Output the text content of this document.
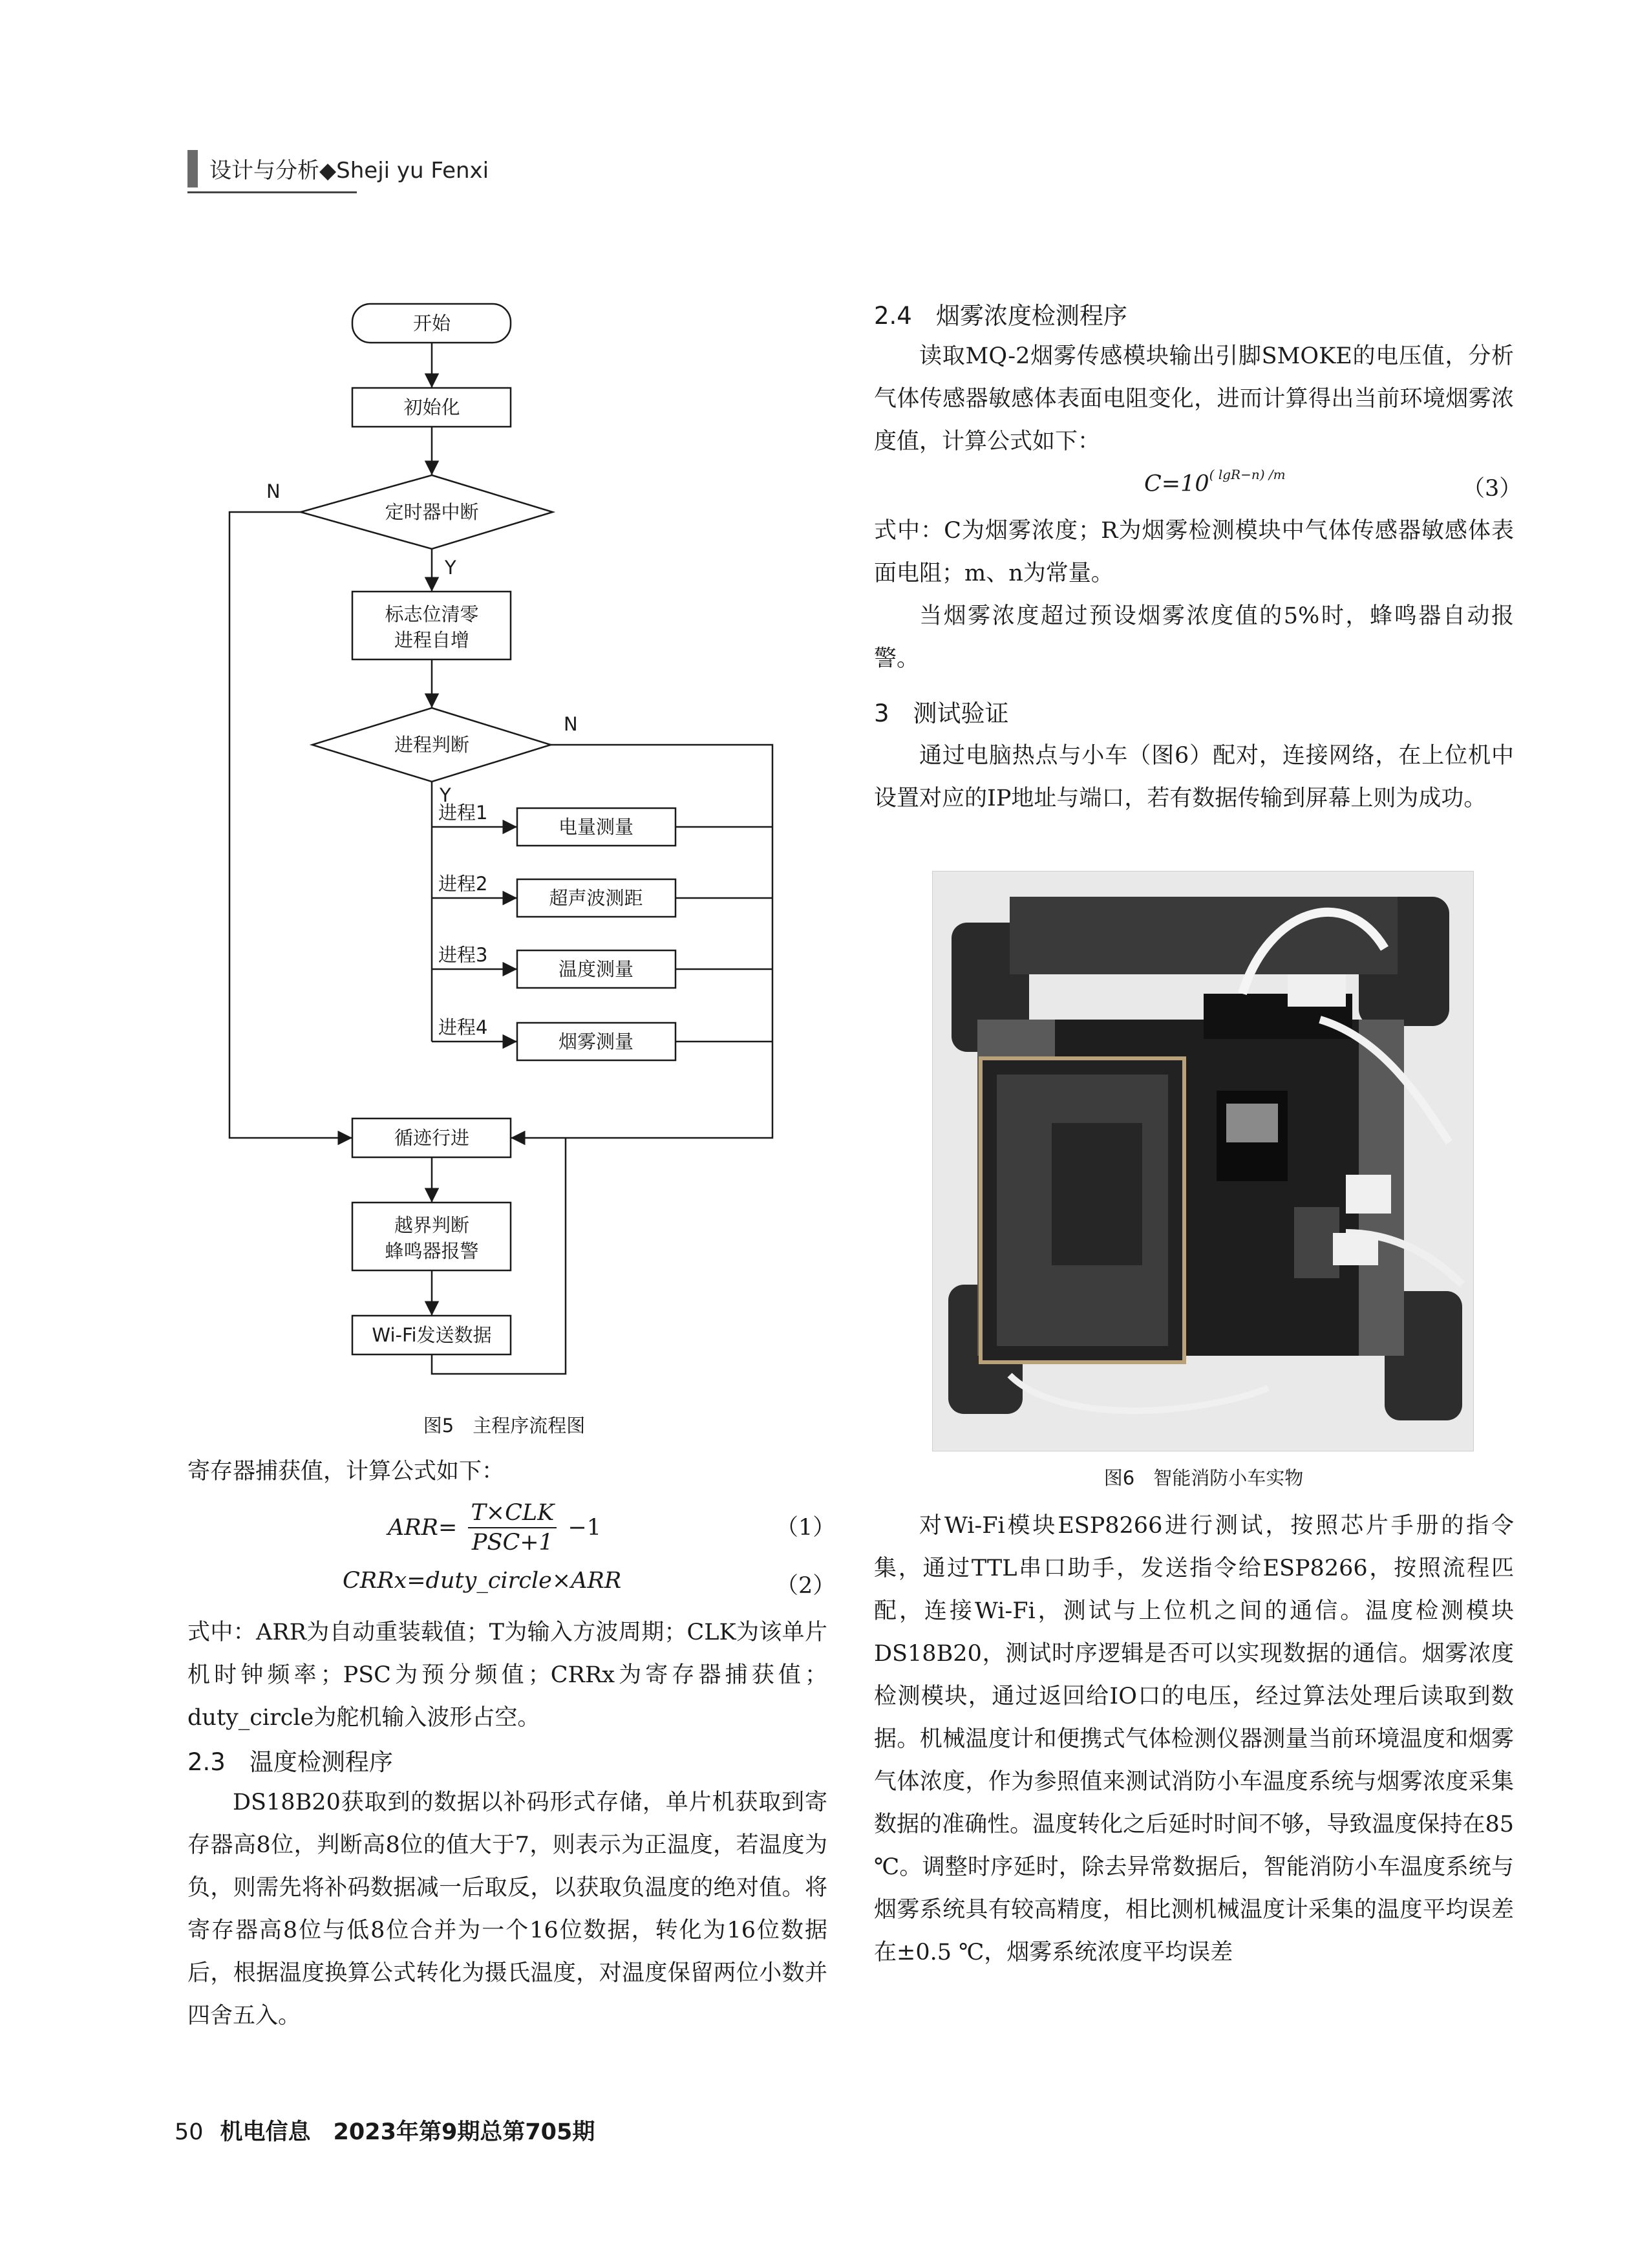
设计与分析◆Sheji yu Fenxi
开始
初始化
定时器中断
标志位清零
进程自增
进程判断
电量测量
超声波测距
温度测量
烟雾测量
循迹行进
越界判断
蜂鸣器报警
Wi-Fi发送数据
N
Y
N
Y
进程1
进程2
进程3
进程4
图5　主程序流程图
寄存器捕获值，计算公式如下：
ARR=
T×CLK
PSC+1
−1	（1）
CRRx=duty_circle×ARR	（2）
式中：ARR为自动重装载值；T为输入方波周期；CLK为该单片机时钟频率；PSC为预分频值；CRRx为寄存器捕获值；duty_circle为舵机输入波形占空。
2.3　温度检测程序
DS18B20获取到的数据以补码形式存储，单片机获取到寄存器高8位，判断高8位的值大于7，则表示为正温度，若温度为负，则需先将补码数据减一后取反，以获取负温度的绝对值。将寄存器高8位与低8位合并为一个16位数据，转化为16位数据后，根据温度换算公式转化为摄氏温度，对温度保留两位小数并四舍五入。
2.4　烟雾浓度检测程序
读取MQ-2烟雾传感模块输出引脚SMOKE的电压值，分析气体传感器敏感体表面电阻变化，进而计算得出当前环境烟雾浓度值，计算公式如下：
$C=10^{( lgR-n) /m}$
（3）
式中：C为烟雾浓度；R为烟雾检测模块中气体传感器敏感体表面电阻；m、n为常量。
当烟雾浓度超过预设烟雾浓度值的5%时，蜂鸣器自动报警。
3　测试验证
通过电脑热点与小车（图6）配对，连接网络，在上位机中设置对应的IP地址与端口，若有数据传输到屏幕上则为成功。
图6　智能消防小车实物
对Wi-Fi模块ESP8266进行测试，按照芯片手册的指令集，通过TTL串口助手，发送指令给ESP8266，按照流程匹配，连接Wi-Fi，测试与上位机之间的通信。温度检测模块DS18B20，测试时序逻辑是否可以实现数据的通信。烟雾浓度检测模块，通过返回给IO口的电压，经过算法处理后读取到数据。机械温度计和便携式气体检测仪器测量当前环境温度和烟雾气体浓度，作为参照值来测试消防小车温度系统与烟雾浓度采集数据的准确性。温度转化之后延时时间不够，导致温度保持在85 ℃。调整时序延时，除去异常数据后，智能消防小车温度系统与烟雾系统具有较高精度，相比测机械温度计采集的温度平均误差在±0.5 ℃，烟雾系统浓度平均误差
50 机电信息　2023年第9期总第705期
